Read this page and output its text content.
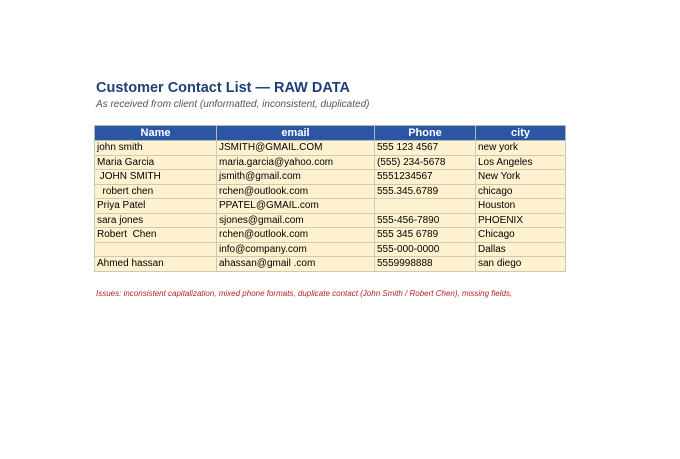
Customer Contact List — RAW DATA
As received from client (unformatted, inconsistent, duplicated)
Name	email	Phone	city
john smith	JSMITH@GMAIL.COM	555 123 4567	new york
Maria Garcia	maria.garcia@yahoo.com	(555) 234-5678	Los Angeles
JOHN SMITH	jsmith@gmail.com	5551234567	New York
robert chen	rchen@outlook.com	555.345.6789	chicago
Priya Patel	PPATEL@GMAIL.com		Houston
sara jones	sjones@gmail.com	555-456-7890	PHOENIX
Robert  Chen	rchen@outlook.com	555 345 6789	Chicago
	info@company.com	555-000-0000	Dallas
Ahmed hassan	ahassan@gmail .com	5559998888	san diego
Issues: inconsistent capitalization, mixed phone formats, duplicate contact (John Smith / Robert Chen), missing fields,
